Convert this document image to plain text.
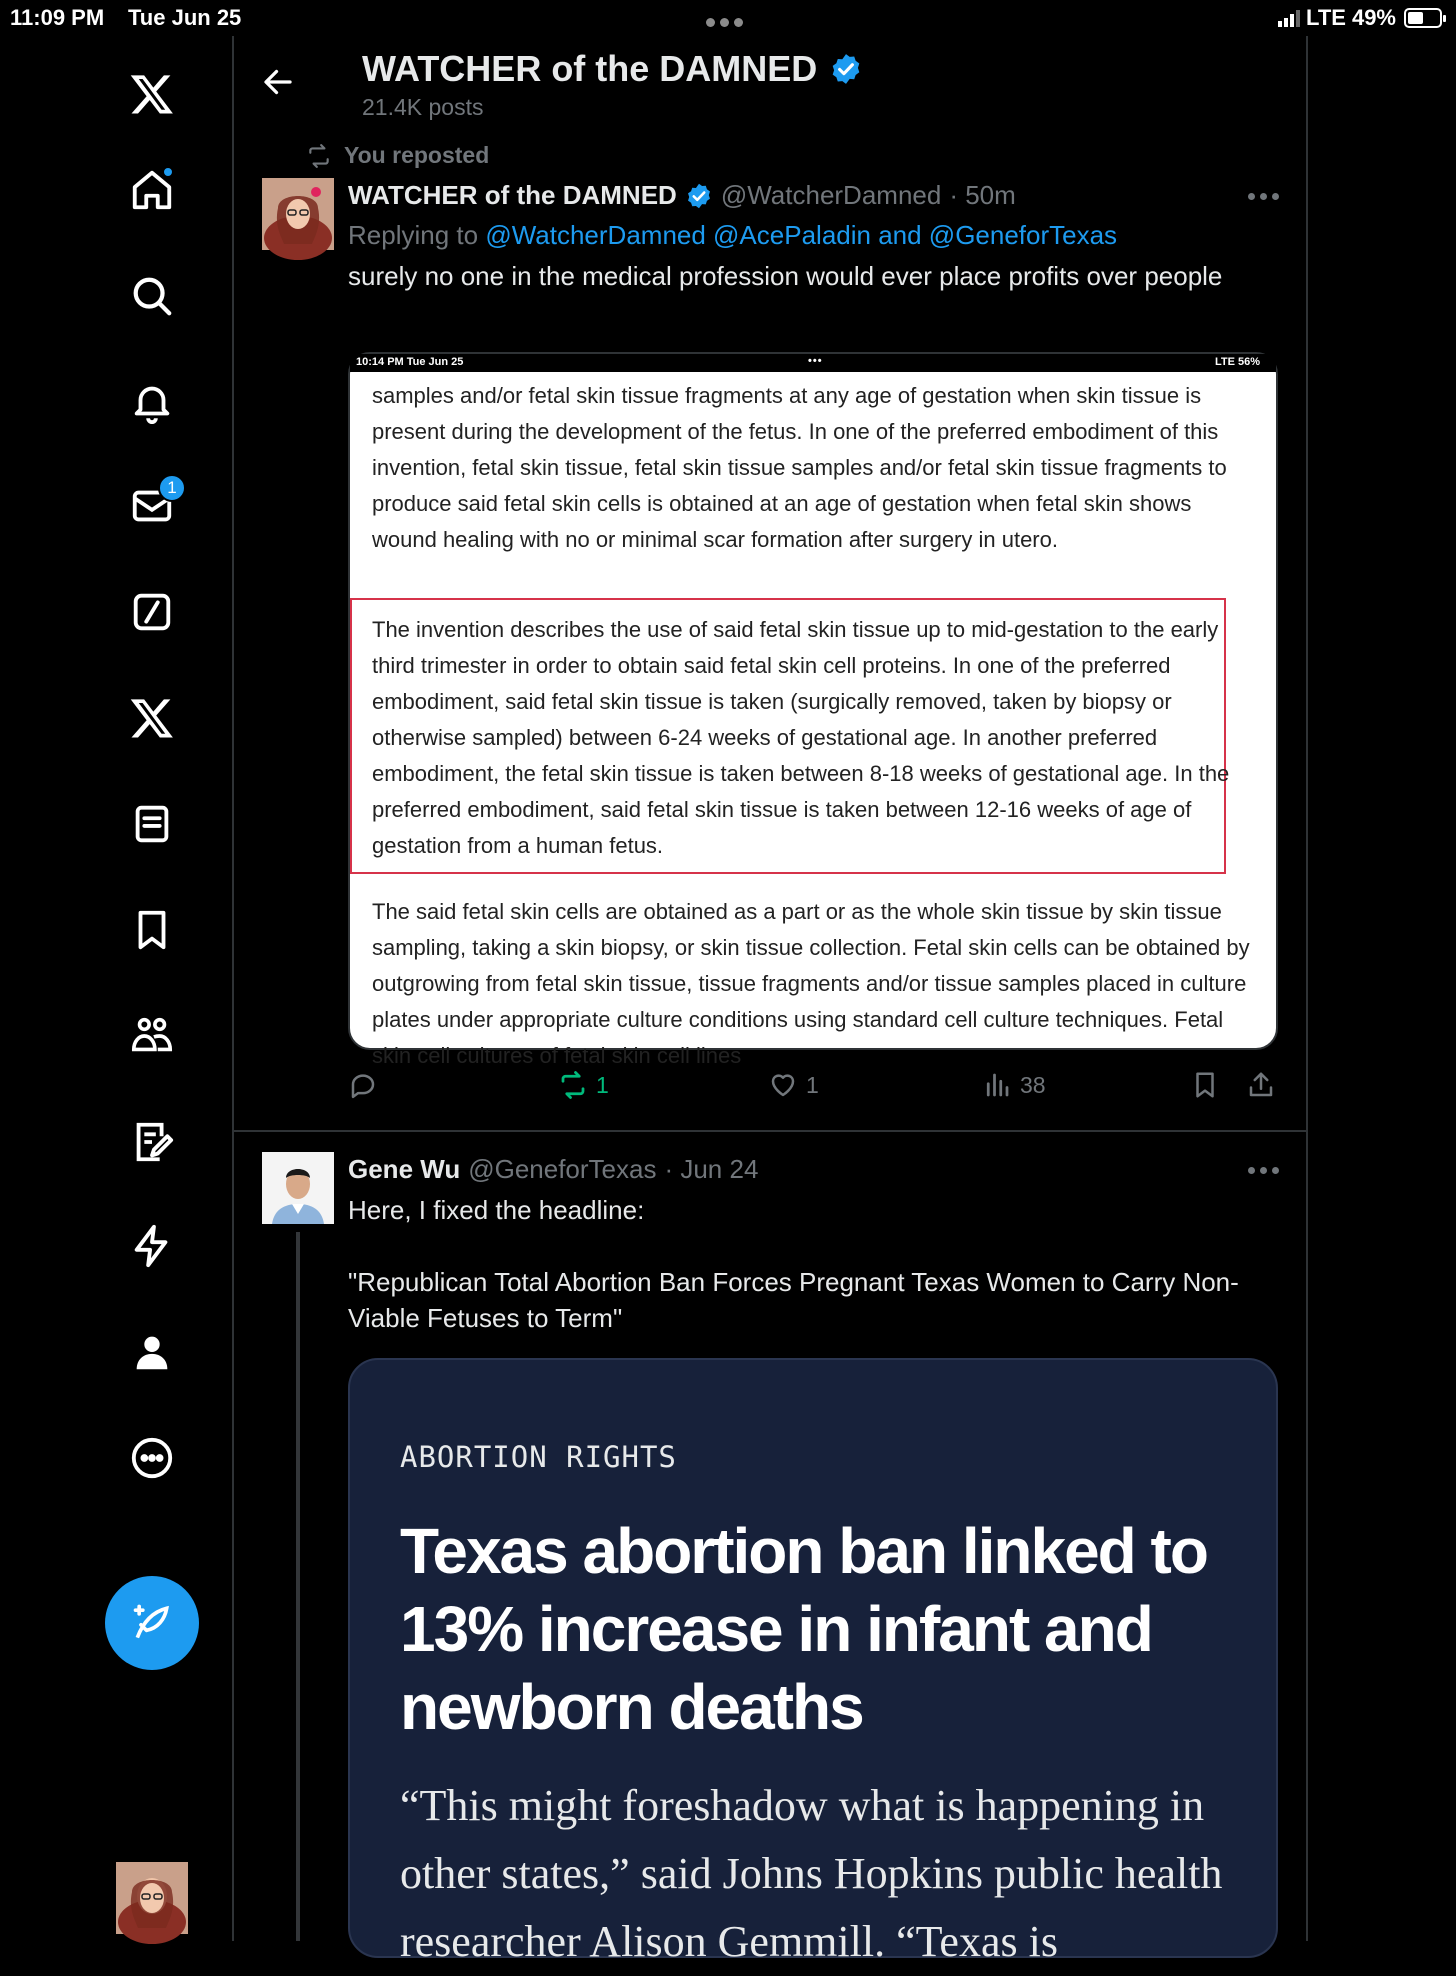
11:09 PM Tue Jun 25	LTE 49%
1
WATCHER of the DAMNED
21.4K posts
You reposted
WATCHER of the DAMNED @WatcherDamned · 50m
Replying to @WatcherDamned @AcePaladin and @GeneforTexas
surely no one in the medical profession would ever place profits over people
10:14 PM Tue Jun 25	•••	LTE 56%
samples and/or fetal skin tissue fragments at any age of gestation when skin tissue is present during the development of the fetus. In one of the preferred embodiment of this invention, fetal skin tissue, fetal skin tissue samples and/or fetal skin tissue fragments to produce said fetal skin cells is obtained at an age of gestation when fetal skin shows wound healing with no or minimal scar formation after surgery in utero.
The invention describes the use of said fetal skin tissue up to mid-gestation to the early third trimester in order to obtain said fetal skin cell proteins. In one of the preferred embodiment, said fetal skin tissue is taken (surgically removed, taken by biopsy or otherwise sampled) between 6-24 weeks of gestational age. In another preferred embodiment, the fetal skin tissue is taken between 8-18 weeks of gestational age. In the preferred embodiment, said fetal skin tissue is taken between 12-16 weeks of age of gestation from a human fetus.
The said fetal skin cells are obtained as a part or as the whole skin tissue by skin tissue sampling, taking a skin biopsy, or skin tissue collection. Fetal skin cells can be obtained by outgrowing from fetal skin tissue, tissue fragments and/or tissue samples placed in culture plates under appropriate culture conditions using standard cell culture techniques. Fetal skin cell cultures of fetal skin cell lines
1	1	38
Gene Wu @GeneforTexas · Jun 24
Here, I fixed the headline:
"Republican Total Abortion Ban Forces Pregnant Texas Women to Carry Non-Viable Fetuses to Term"
ABORTION RIGHTS
Texas abortion ban linked to 13% increase in infant and newborn deaths
“This might foreshadow what is happening in other states,” said Johns Hopkins public health researcher Alison Gemmill. “Texas is
